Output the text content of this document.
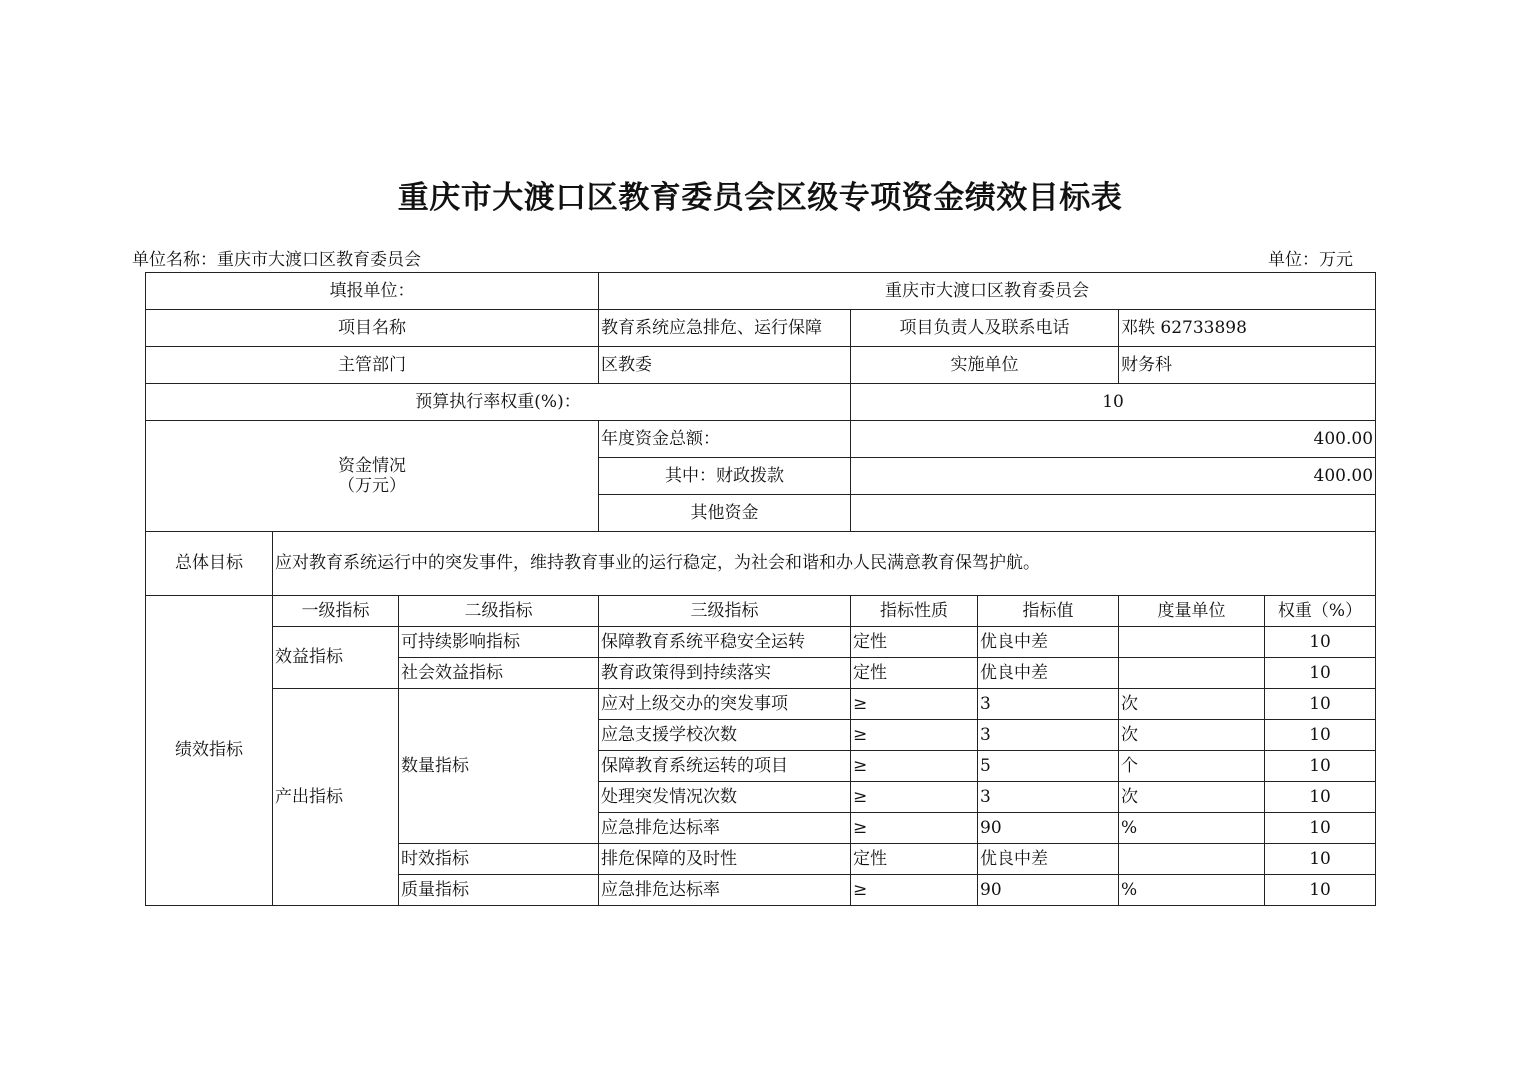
重庆市大渡口区教育委员会区级专项资金绩效目标表
单位名称：重庆市大渡口区教育委员会	单位：万元
填报单位：			重庆市大渡口区教育委员会				
项目名称			教育系统应急排危、运行保障	项目负责人及联系电话		邓轶 62733898	
主管部门			区教委	实施单位		财务科	
预算执行率权重(%)：				10			
资金情况
（万元）			年度资金总额：	400.00			
			其中：财政拨款	400.00			
			其他资金				
总体目标	应对教育系统运行中的突发事件，维持教育事业的运行稳定，为社会和谐和办人民满意教育保驾护航。						
绩效指标	一级指标	二级指标	三级指标	指标性质	指标值	度量单位	权重（%）
	效益指标	可持续影响指标	保障教育系统平稳安全运转	定性	优良中差		10
		社会效益指标	教育政策得到持续落实	定性	优良中差		10
	产出指标	数量指标	应对上级交办的突发事项	≥	3	次	10
			应急支援学校次数	≥	3	次	10
			保障教育系统运转的项目	≥	5	个	10
			处理突发情况次数	≥	3	次	10
			应急排危达标率	≥	90	%	10
		时效指标	排危保障的及时性	定性	优良中差		10
		质量指标	应急排危达标率	≥	90	%	10
